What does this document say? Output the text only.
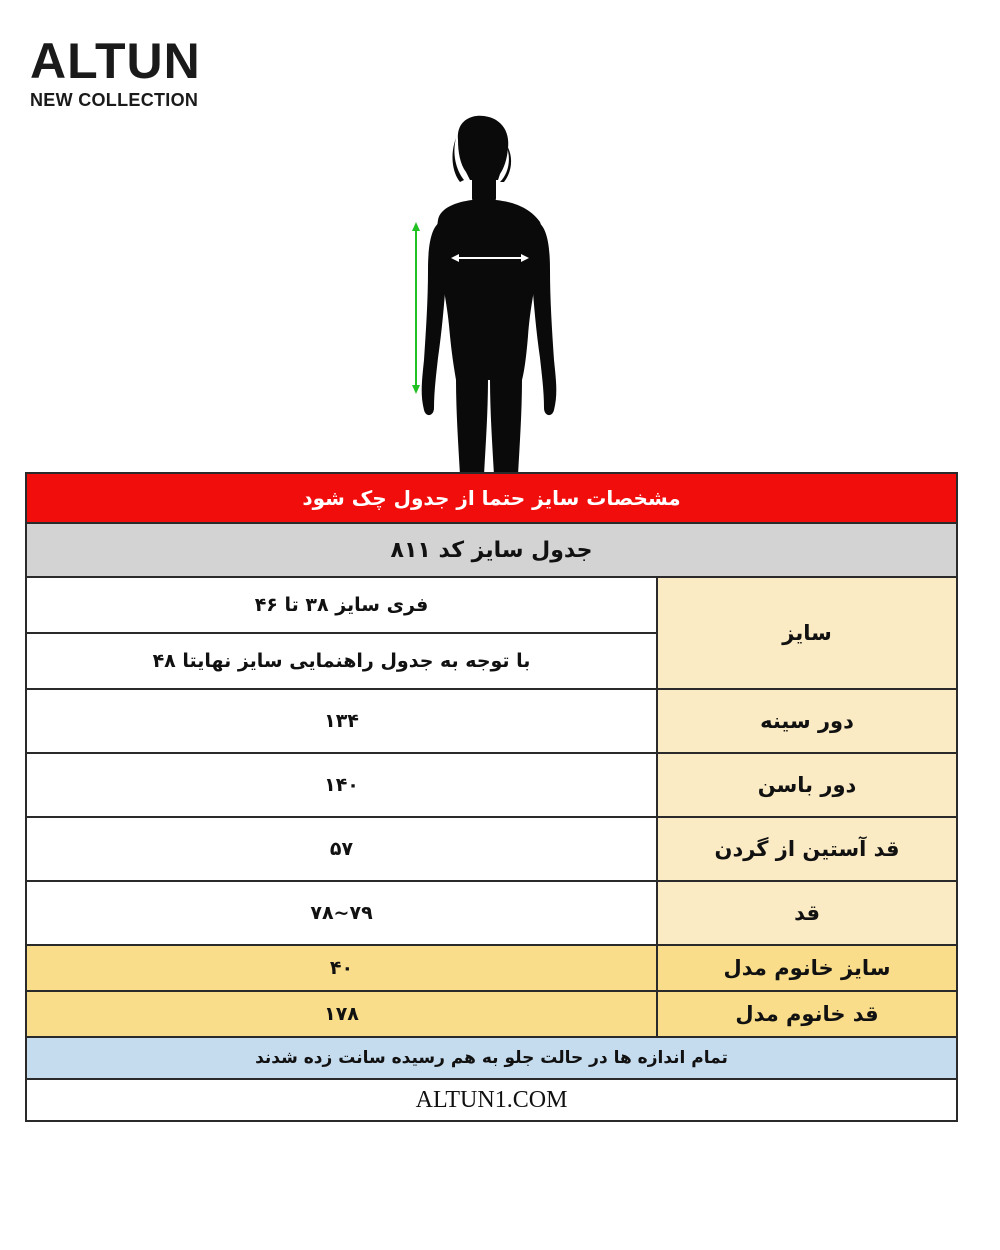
ALTUN
NEW COLLECTION
مشخصات سایز حتما از جدول چک شود	
جدول سایز کد ۸۱۱	
سایز	فری سایز ۳۸ تا ۴۶
	با توجه به جدول راهنمایی سایز نهایتا ۴۸
دور سینه	۱۳۴
دور باسن	۱۴۰
قد آستین از گردن	۵۷
قد	۷۹~۷۸
سایز خانوم مدل	۴۰
قد خانوم مدل	۱۷۸
تمام اندازه ها در حالت جلو به هم رسیده سانت زده شدند	
ALTUN1.COM	
